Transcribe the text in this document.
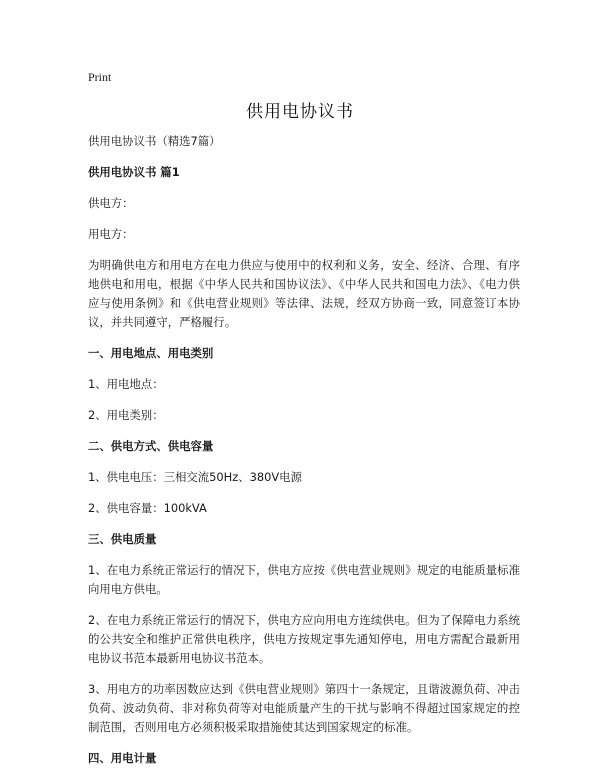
Print
供用电协议书
供用电协议书（精选7篇）
供用电协议书 篇1
供电方：
用电方：
为明确供电方和用电方在电力供应与使用中的权利和义务，安全、经济、合理、有序地供电和用电，根据《中华人民共和国协议法》、《中华人民共和国电力法》、《电力供应与使用条例》和《供电营业规则》等法律、法规，经双方协商一致，同意签订本协议，并共同遵守，严格履行。
一、用电地点、用电类别
1、用电地点：
2、用电类别：
二、供电方式、供电容量
1、供电电压：三相交流50Hz、380V电源
2、供电容量：100kVA
三、供电质量
1、在电力系统正常运行的情况下，供电方应按《供电营业规则》规定的电能质量标准向用电方供电。
2、在电力系统正常运行的情况下，供电方应向用电方连续供电。但为了保障电力系统的公共安全和维护正常供电秩序，供电方按规定事先通知停电，用电方需配合最新用电协议书范本最新用电协议书范本。
3、用电方的功率因数应达到《供电营业规则》第四十一条规定，且谐波源负荷、冲击负荷、波动负荷、非对称负荷等对电能质量产生的干扰与影响不得超过国家规定的控制范围，否则用电方必须积极采取措施使其达到国家规定的标准。
四、用电计量
